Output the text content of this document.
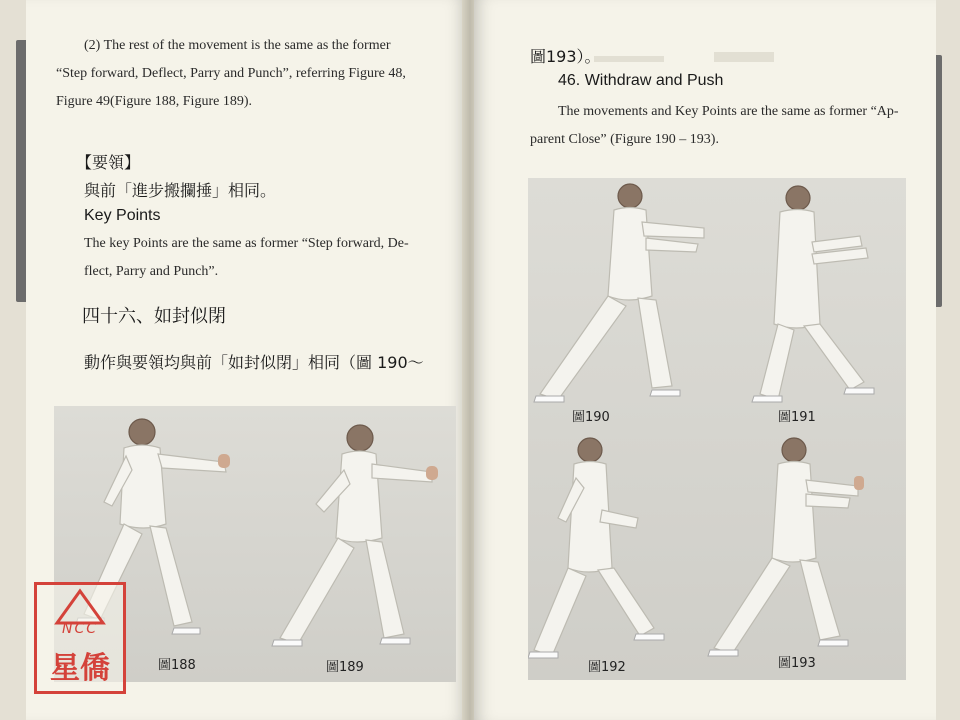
(2) The rest of the movement is the same as the former
“Step forward, Deflect, Parry and Punch”, referring Figure 48,
Figure 49(Figure 188, Figure 189).
【要領】
與前「進步搬攔捶」相同。
Key Points
The key Points are the same as former “Step forward, De-
flect, Parry and Punch”.
四十六、如封似閉
動作與要領均與前「如封似閉」相同（圖 190～
圖188	圖189
圖193）。
46. Withdraw and Push
The movements and Key Points are the same as former “Ap-
parent Close” (Figure 190 – 193).
圖190	圖191
圖192	圖193
NCC
星僑
